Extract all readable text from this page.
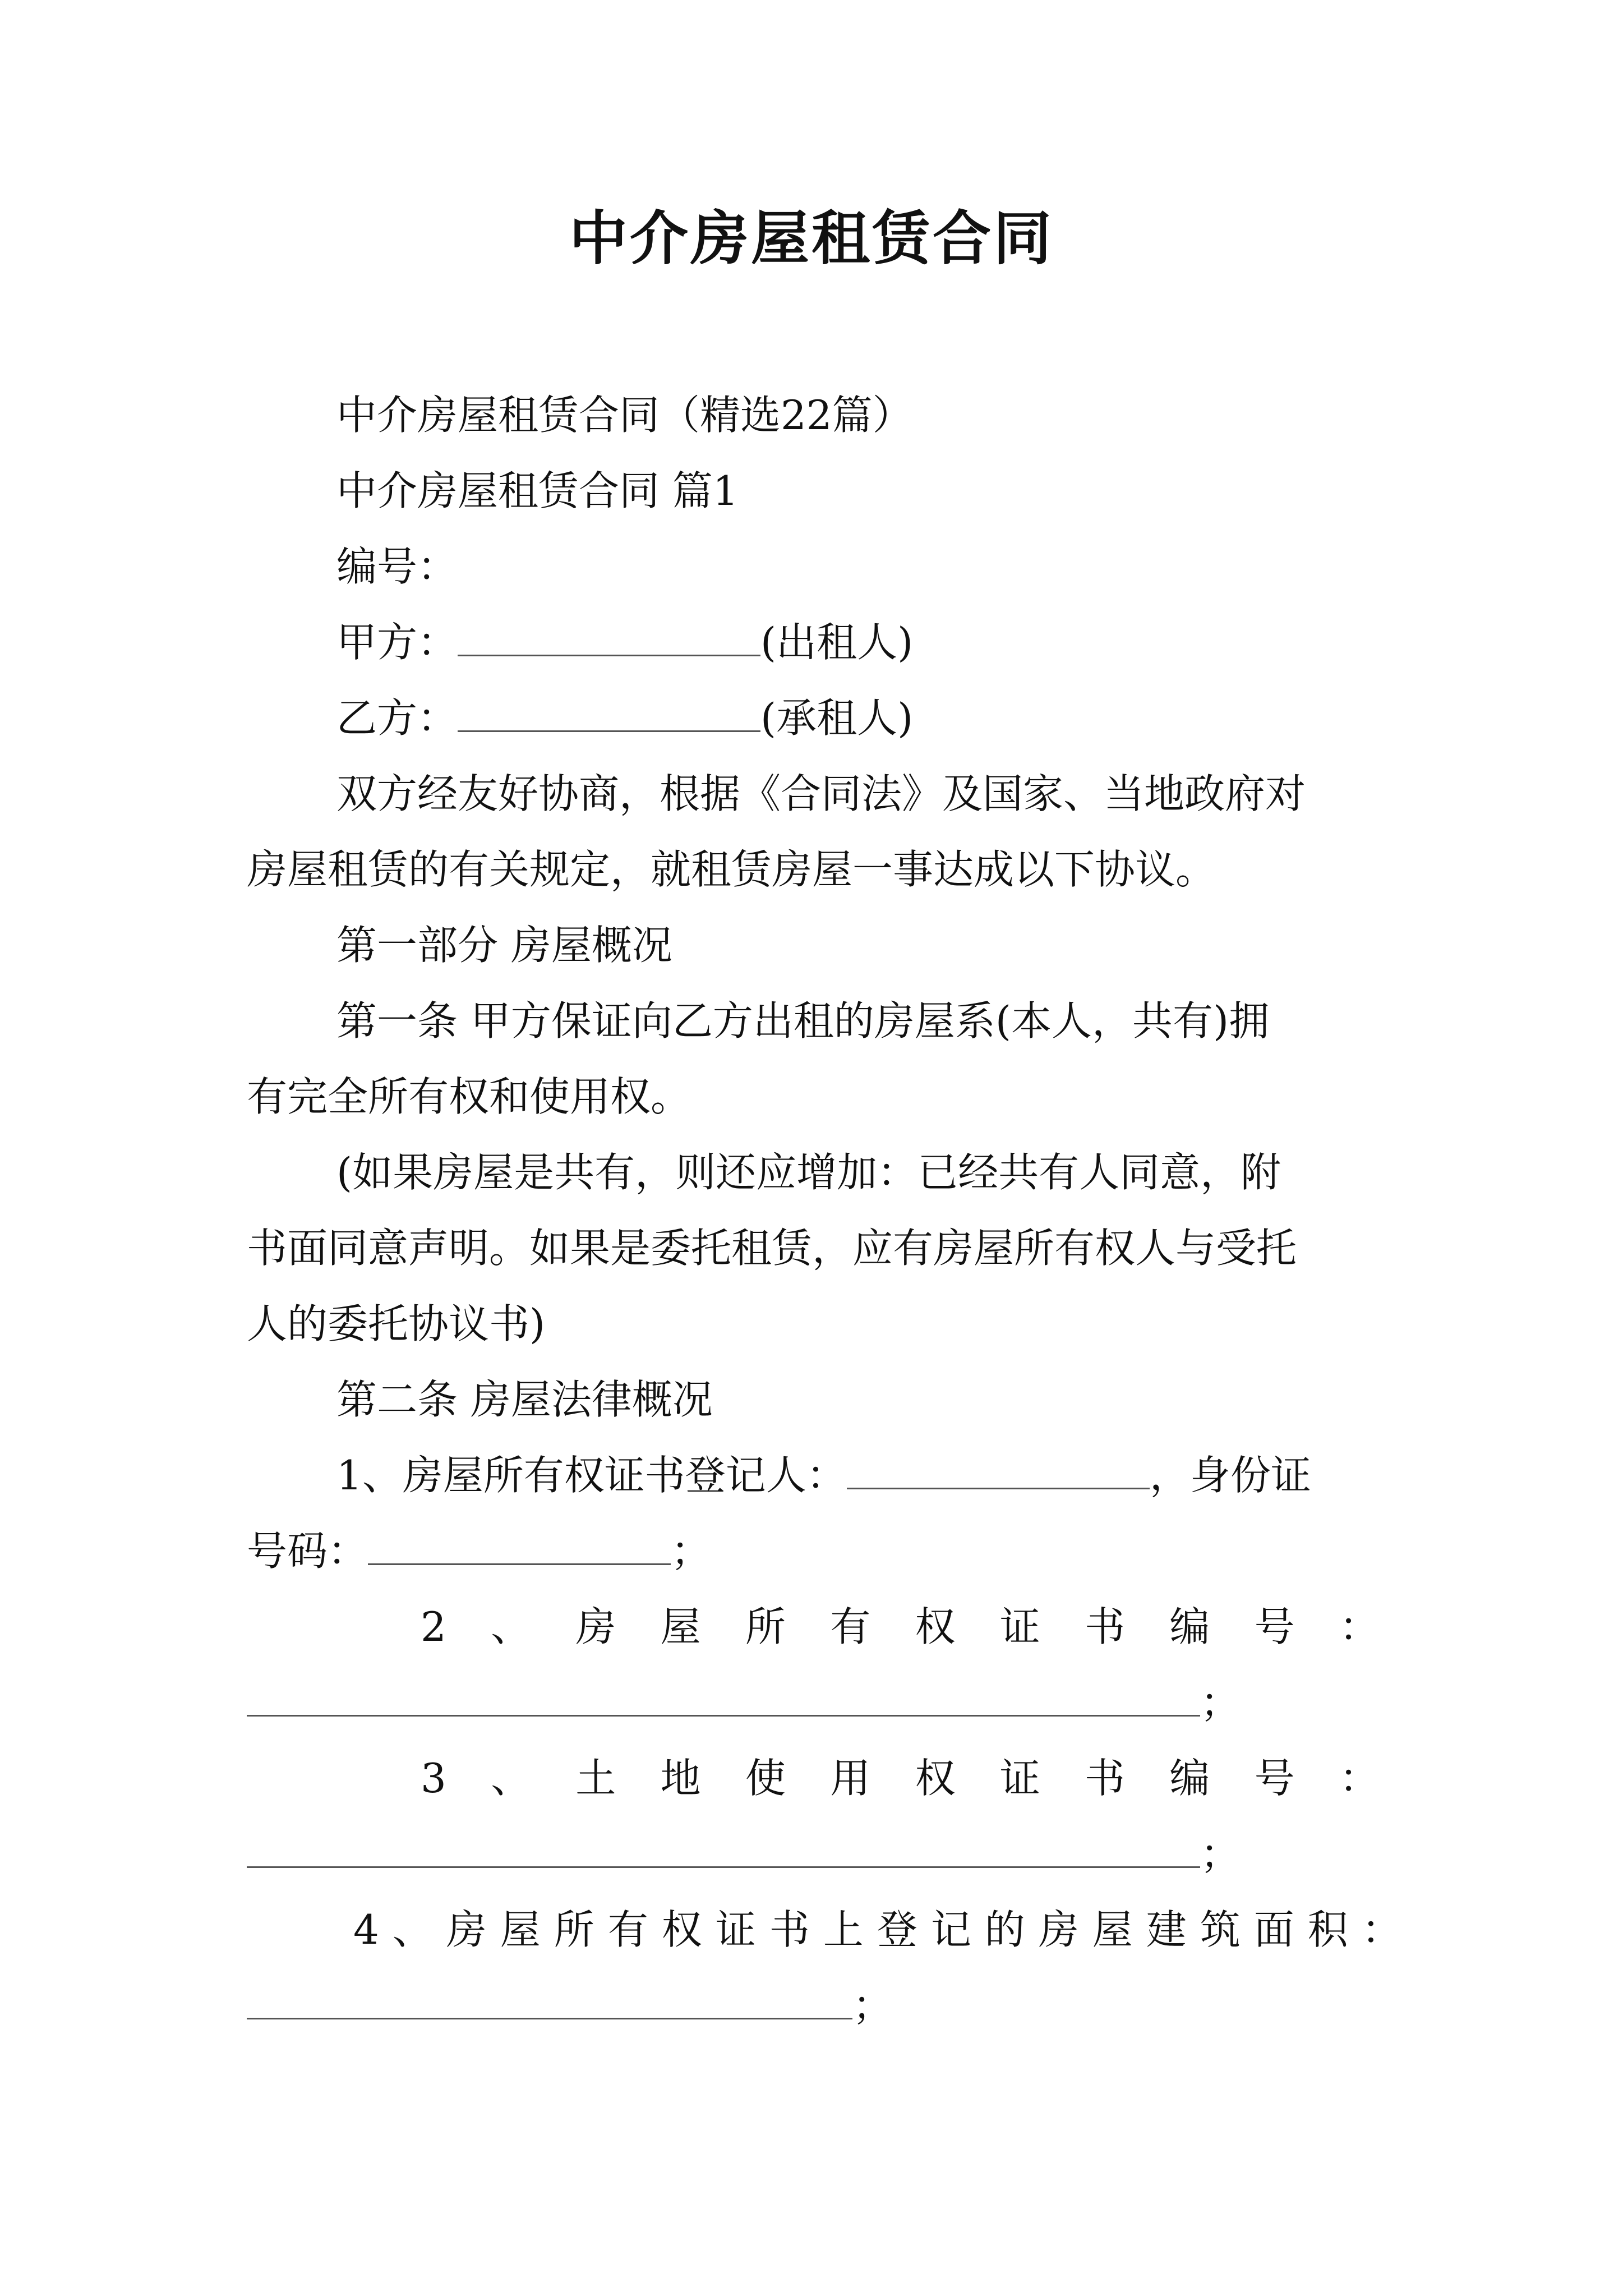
中介房屋租赁合同
中介房屋租赁合同（精选22篇）
中介房屋租赁合同 篇1
编号：
甲方：	(出租人)
乙方：	(承租人)
双方经友好协商，根据《合同法》及国家、当地政府对
房屋租赁的有关规定，就租赁房屋一事达成以下协议。
第一部分 房屋概况
第一条 甲方保证向乙方出租的房屋系(本人，共有)拥
有完全所有权和使用权。
(如果房屋是共有，则还应增加：已经共有人同意，附
书面同意声明。如果是委托租赁，应有房屋所有权人与受托
人的委托协议书)
第二条 房屋法律概况
1、房屋所有权证书登记人：	，身份证
号码：	；
2 、 房 屋 所 有 权 证 书 编 号 ：
；
3 、 土 地 使 用 权 证 书 编 号 ：
；
4、房屋所有权证书上登记的房屋建筑面积：
；
